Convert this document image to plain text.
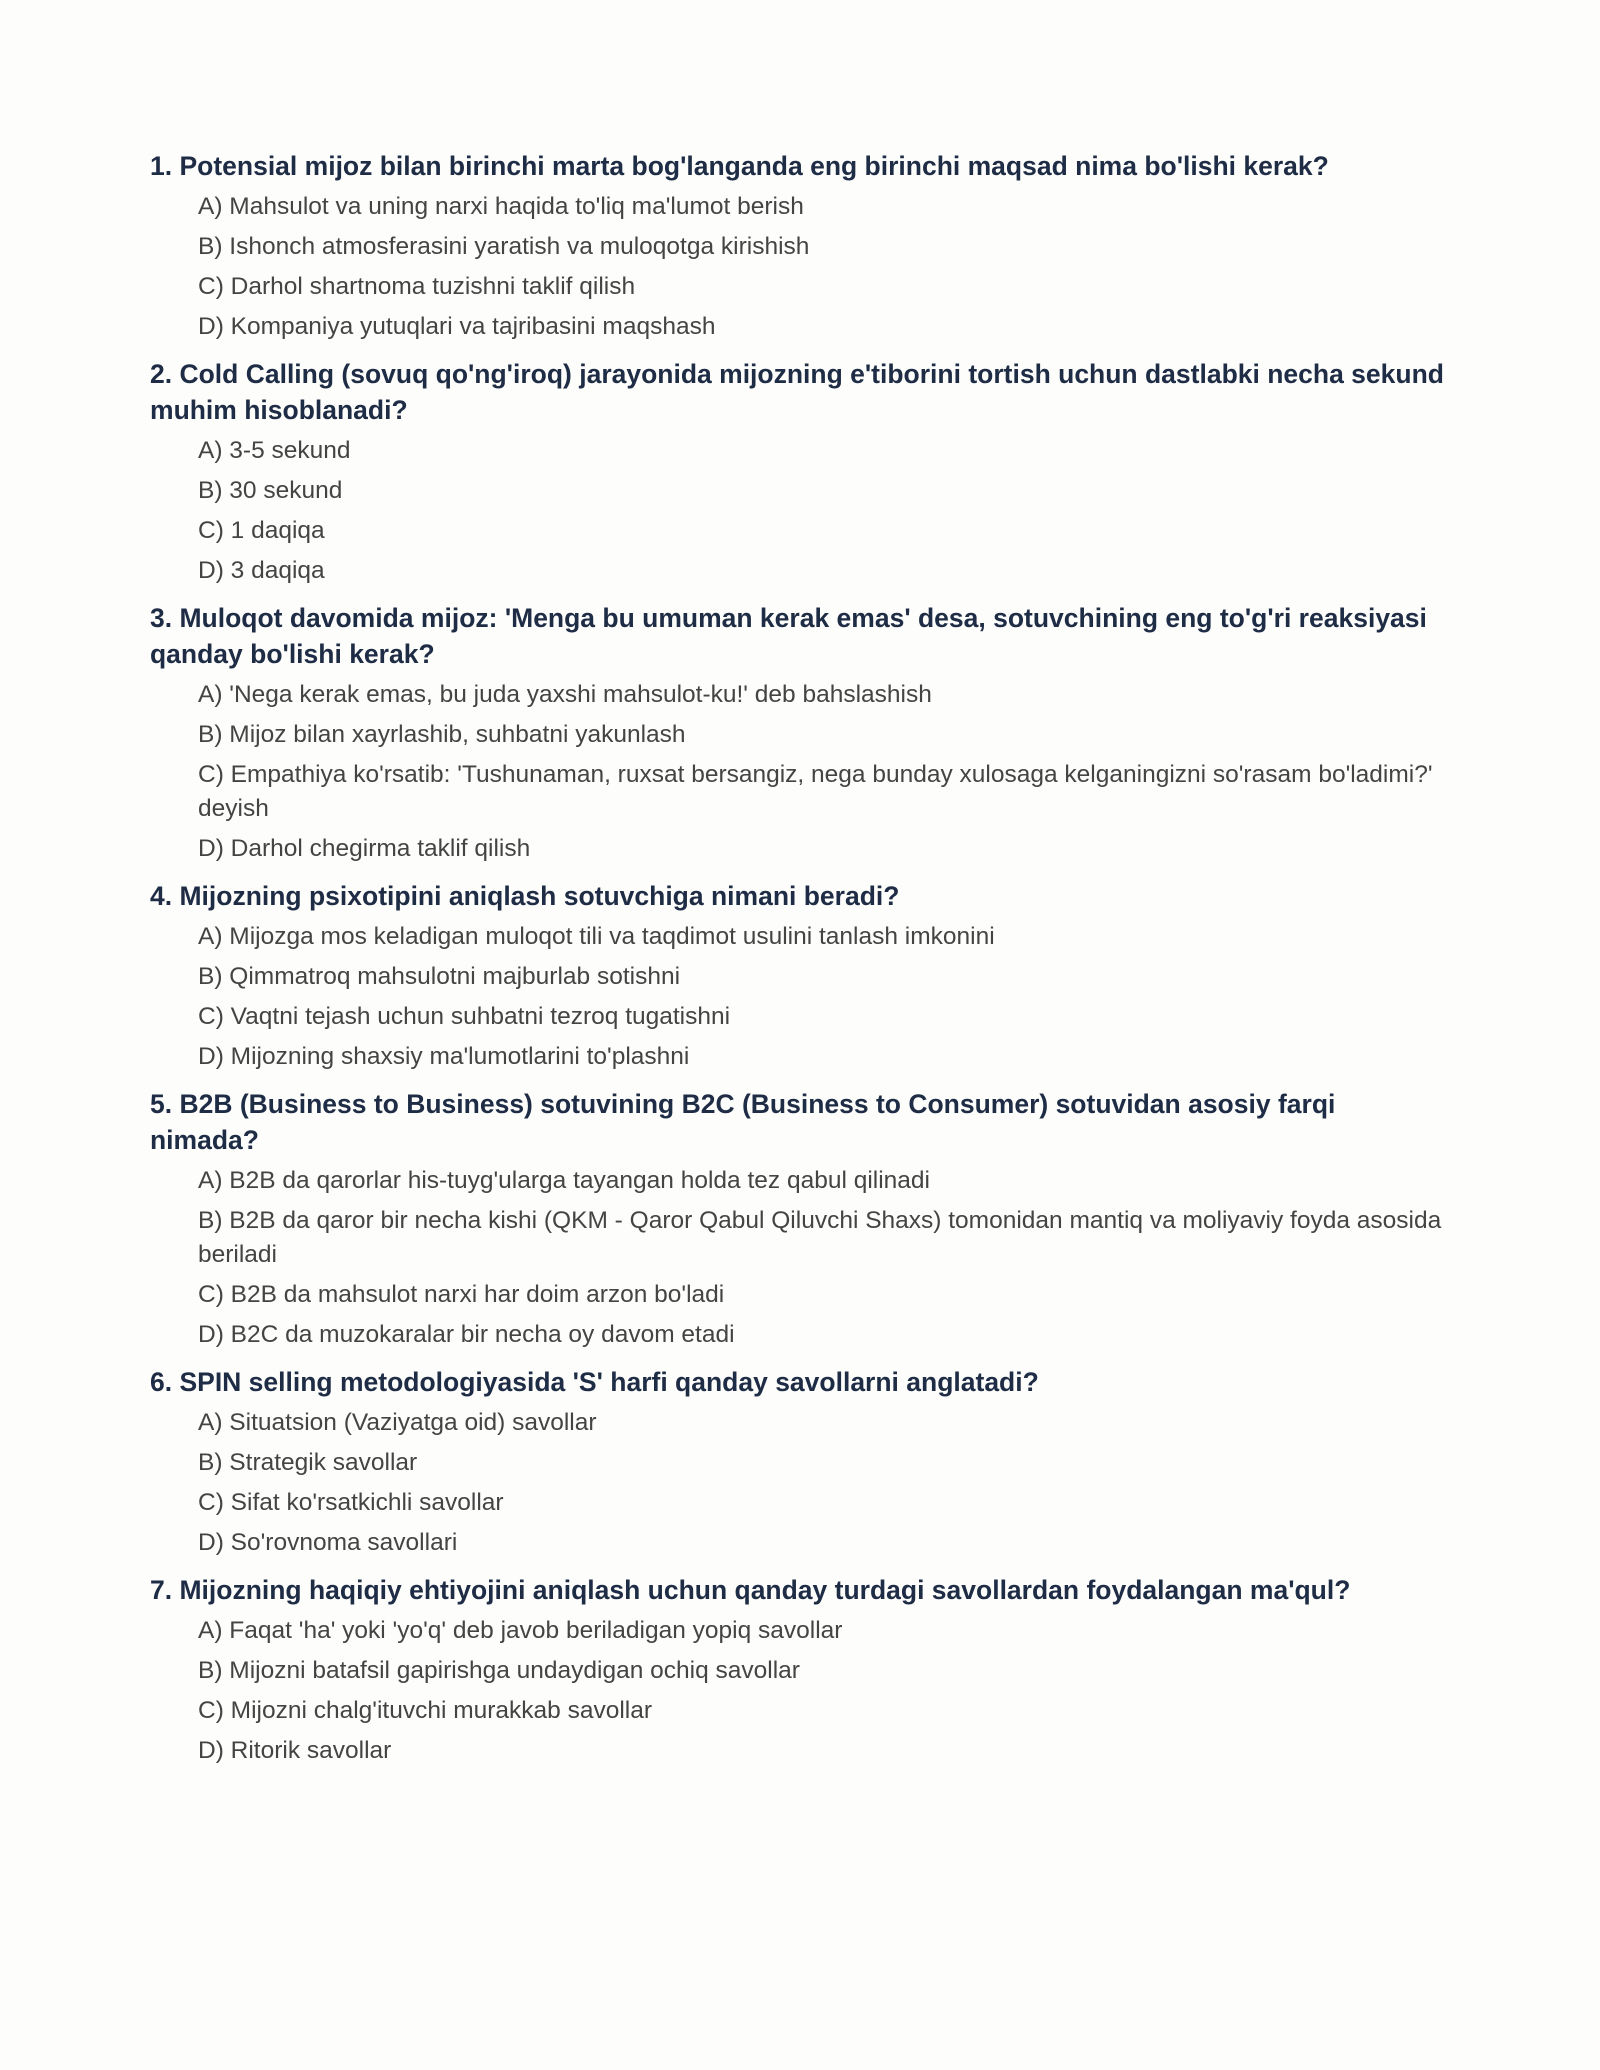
1. Potensial mijoz bilan birinchi marta bog'langanda eng birinchi maqsad nima bo'lishi kerak?
A) Mahsulot va uning narxi haqida to'liq ma'lumot berish
B) Ishonch atmosferasini yaratish va muloqotga kirishish
C) Darhol shartnoma tuzishni taklif qilish
D) Kompaniya yutuqlari va tajribasini maqshash
2. Cold Calling (sovuq qo'ng'iroq) jarayonida mijozning e'tiborini tortish uchun dastlabki necha sekund muhim hisoblanadi?
A) 3-5 sekund
B) 30 sekund
C) 1 daqiqa
D) 3 daqiqa
3. Muloqot davomida mijoz: 'Menga bu umuman kerak emas' desa, sotuvchining eng to'g'ri reaksiyasi qanday bo'lishi kerak?
A) 'Nega kerak emas, bu juda yaxshi mahsulot-ku!' deb bahslashish
B) Mijoz bilan xayrlashib, suhbatni yakunlash
C) Empathiya ko'rsatib: 'Tushunaman, ruxsat bersangiz, nega bunday xulosaga kelganingizni so'rasam bo'ladimi?' deyish
D) Darhol chegirma taklif qilish
4. Mijozning psixotipini aniqlash sotuvchiga nimani beradi?
A) Mijozga mos keladigan muloqot tili va taqdimot usulini tanlash imkonini
B) Qimmatroq mahsulotni majburlab sotishni
C) Vaqtni tejash uchun suhbatni tezroq tugatishni
D) Mijozning shaxsiy ma'lumotlarini to'plashni
5. B2B (Business to Business) sotuvining B2C (Business to Consumer) sotuvidan asosiy farqi nimada?
A) B2B da qarorlar his-tuyg'ularga tayangan holda tez qabul qilinadi
B) B2B da qaror bir necha kishi (QKM - Qaror Qabul Qiluvchi Shaxs) tomonidan mantiq va moliyaviy foyda asosida beriladi
C) B2B da mahsulot narxi har doim arzon bo'ladi
D) B2C da muzokaralar bir necha oy davom etadi
6. SPIN selling metodologiyasida 'S' harfi qanday savollarni anglatadi?
A) Situatsion (Vaziyatga oid) savollar
B) Strategik savollar
C) Sifat ko'rsatkichli savollar
D) So'rovnoma savollari
7. Mijozning haqiqiy ehtiyojini aniqlash uchun qanday turdagi savollardan foydalangan ma'qul?
A) Faqat 'ha' yoki 'yo'q' deb javob beriladigan yopiq savollar
B) Mijozni batafsil gapirishga undaydigan ochiq savollar
C) Mijozni chalg'ituvchi murakkab savollar
D) Ritorik savollar
